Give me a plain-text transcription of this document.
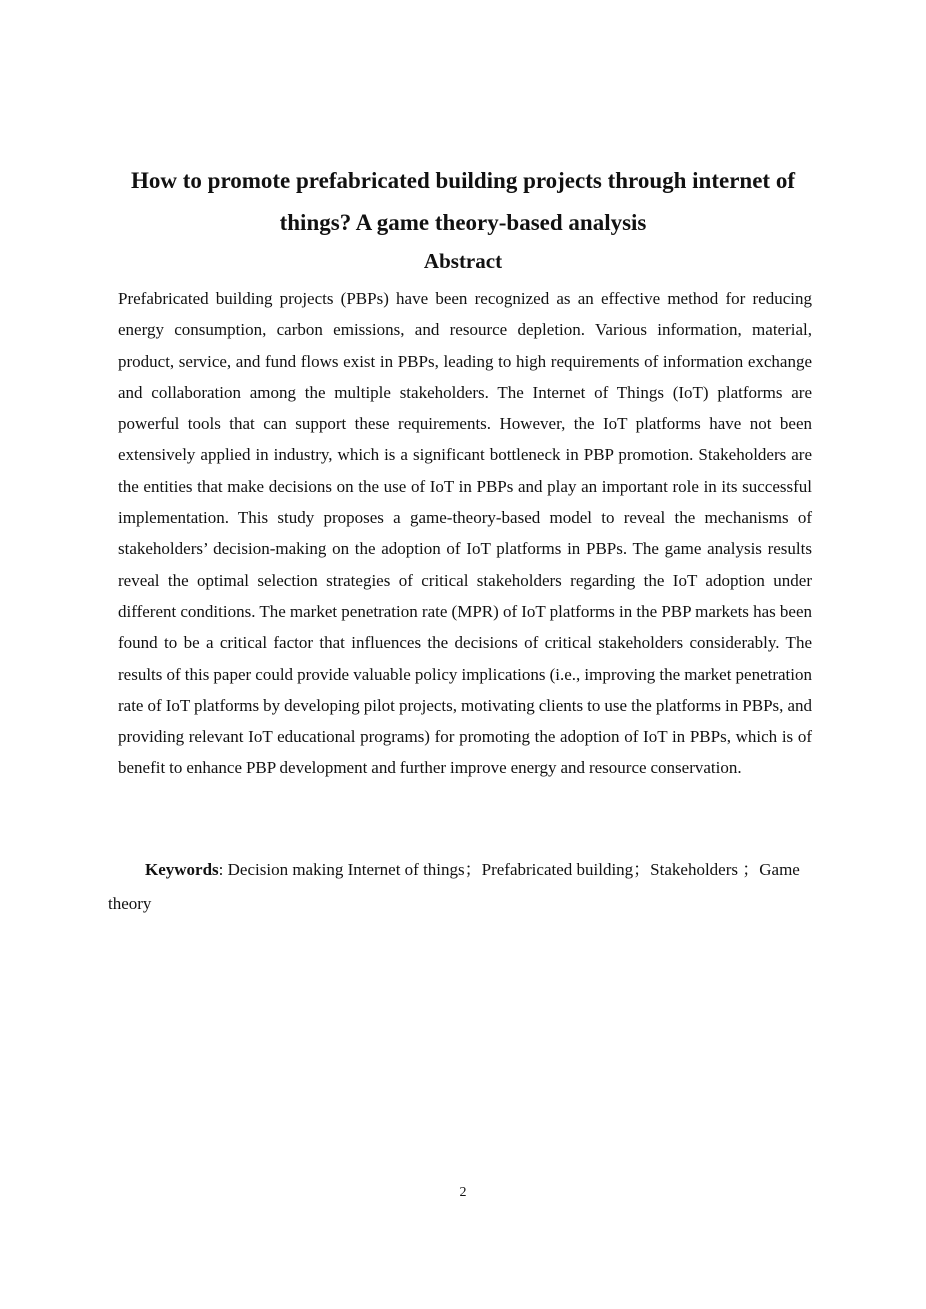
How to promote prefabricated building projects through internet of things? A game theory-based analysis
Abstract

Prefabricated building projects (PBPs) have been recognized as an effective method for reducing energy consumption, carbon emissions, and resource depletion. Various information, material, product, service, and fund flows exist in PBPs, leading to high requirements of information exchange and collaboration among the multiple stakeholders. The Internet of Things (IoT) platforms are powerful tools that can support these requirements. However, the IoT platforms have not been extensively applied in industry, which is a significant bottleneck in PBP promotion. Stakeholders are the entities that make decisions on the use of IoT in PBPs and play an important role in its successful implementation. This study proposes a game-theory-based model to reveal the mechanisms of stakeholders’ decision-making on the adoption of IoT platforms in PBPs. The game analysis results reveal the optimal selection strategies of critical stakeholders regarding the IoT adoption under different conditions. The market penetration rate (MPR) of IoT platforms in the PBP markets has been found to be a critical factor that influences the decisions of critical stakeholders considerably. The results of this paper could provide valuable policy implications (i.e., improving the market penetration rate of IoT platforms by developing pilot projects, motivating clients to use the platforms in PBPs, and providing relevant IoT educational programs) for promoting the adoption of IoT in PBPs, which is of benefit to enhance PBP development and further improve energy and resource conservation.

Keywords: Decision making Internet of things；Prefabricated building；Stakeholders ；Game theory

2
